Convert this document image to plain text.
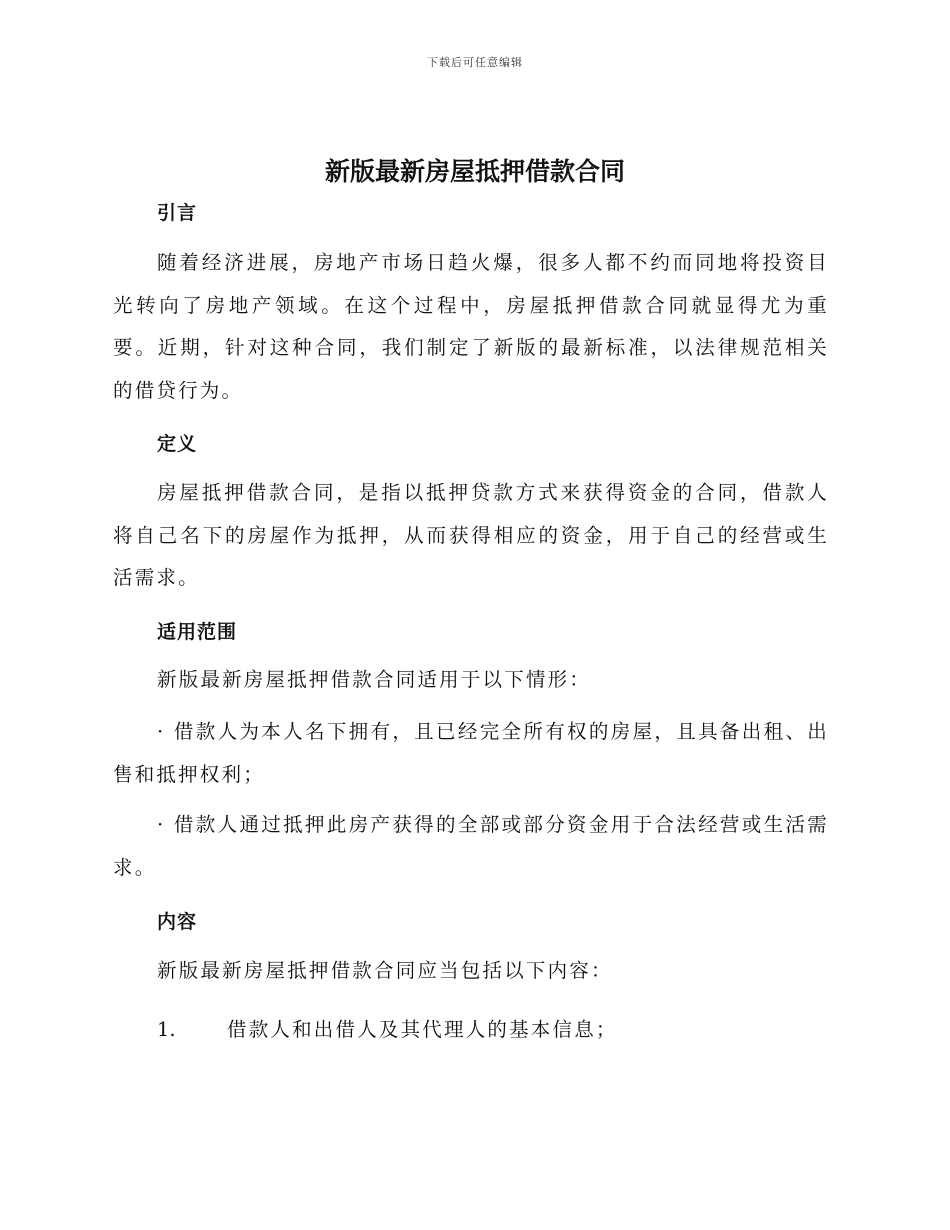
下载后可任意编辑
新版最新房屋抵押借款合同
引言

随着经济进展，房地产市场日趋火爆，很多人都不约而同地将投资目光转向了房地产领域。在这个过程中，房屋抵押借款合同就显得尤为重要。近期，针对这种合同，我们制定了新版的最新标准，以法律规范相关的借贷行为。

定义

房屋抵押借款合同，是指以抵押贷款方式来获得资金的合同，借款人将自己名下的房屋作为抵押，从而获得相应的资金，用于自己的经营或生活需求。

适用范围

新版最新房屋抵押借款合同适用于以下情形：

· 借款人为本人名下拥有，且已经完全所有权的房屋，且具备出租、出售和抵押权利；

· 借款人通过抵押此房产获得的全部或部分资金用于合法经营或生活需求。

内容

新版最新房屋抵押借款合同应当包括以下内容：

1.	借款人和出借人及其代理人的基本信息；
